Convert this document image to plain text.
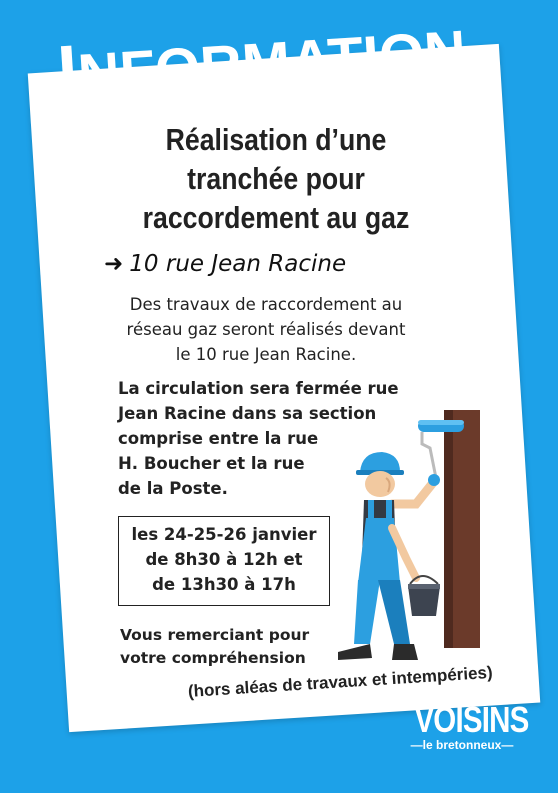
INFORMATION
Réalisation d’une
tranchée pour
raccordement au gaz
➜ 10 rue Jean Racine
Des travaux de raccordement au
réseau gaz seront réalisés devant
le 10 rue Jean Racine.
La circulation sera fermée rue
Jean Racine dans sa section
comprise entre la rue
H. Boucher et la rue
de la Poste.
les 24-25-26 janvier
de 8h30 à 12h et
de 13h30 à 17h
Vous remerciant pour
votre compréhension
(hors aléas de travaux et intempéries)
VOISINS
—le bretonneux—
